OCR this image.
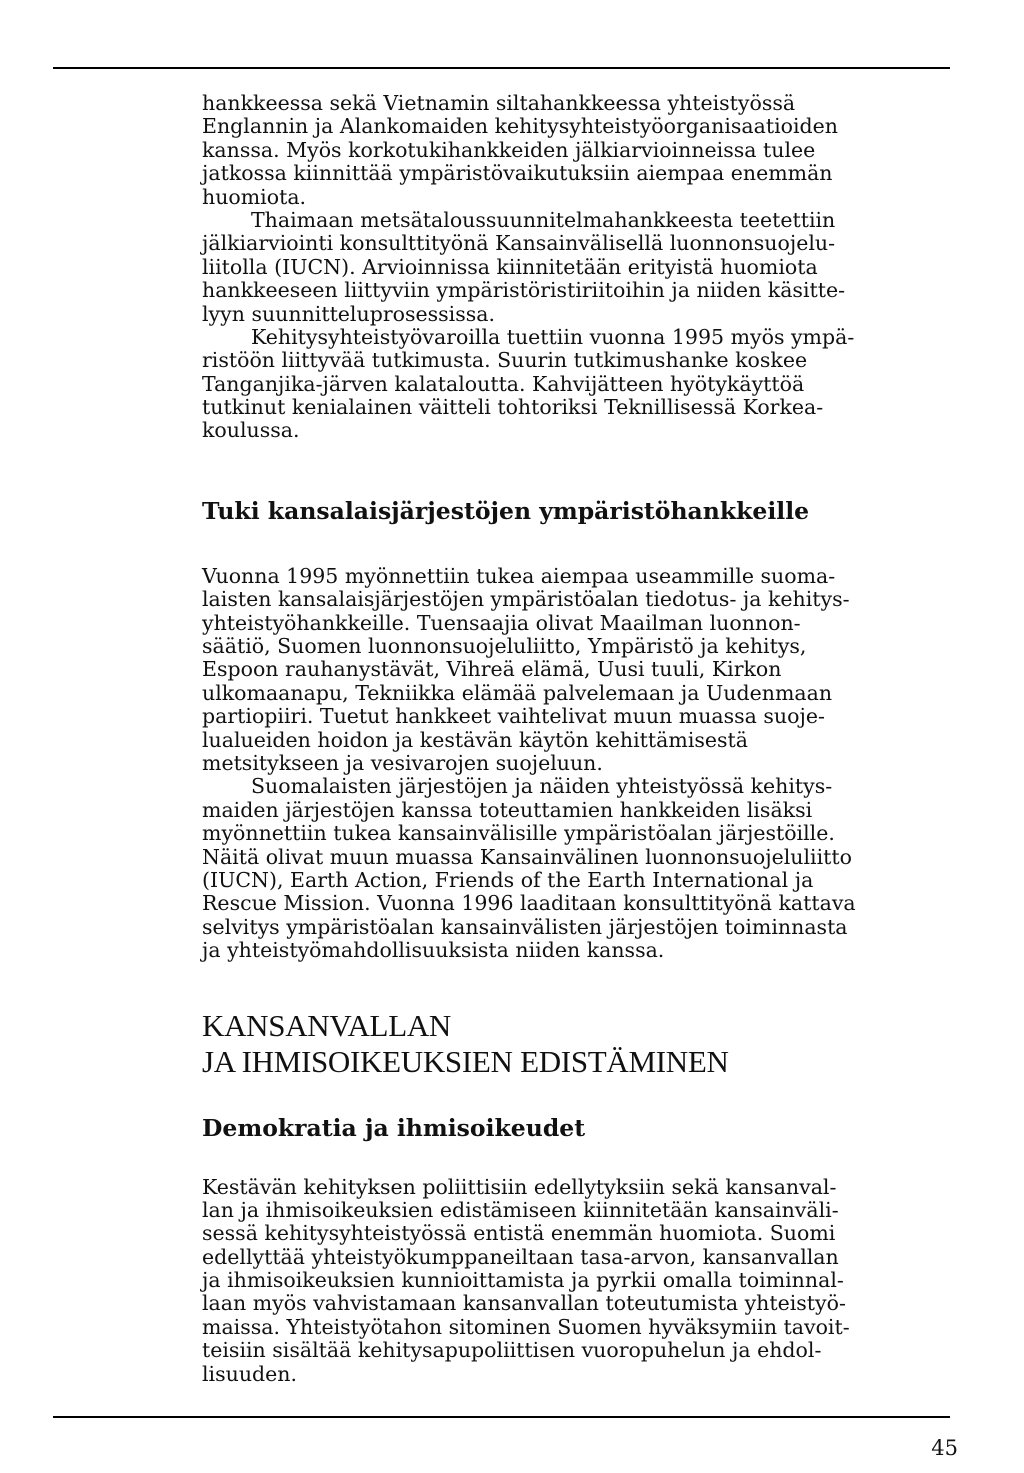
hankkeessa sekä Vietnamin siltahankkeessa yhteistyössä
Englannin ja Alankomaiden kehitysyhteistyöorganisaatioiden
kanssa. Myös korkotukihankkeiden jälkiarvioinneissa tulee
jatkossa kiinnittää ympäristövaikutuksiin aiempaa enemmän
huomiota.
Thaimaan metsätaloussuunnitelmahankkeesta teetettiin
jälkiarviointi konsulttityönä Kansainvälisellä luonnonsuojelu-
liitolla (IUCN). Arvioinnissa kiinnitetään erityistä huomiota
hankkeeseen liittyviin ympäristöristiriitoihin ja niiden käsitte-
lyyn suunnitteluprosessissa.
Kehitysyhteistyövaroilla tuettiin vuonna 1995 myös ympä-
ristöön liittyvää tutkimusta. Suurin tutkimushanke koskee
Tanganjika-järven kalataloutta. Kahvijätteen hyötykäyttöä
tutkinut kenialainen väitteli tohtoriksi Teknillisessä Korkea-
koulussa.
Tuki kansalaisjärjestöjen ympäristöhankkeille
Vuonna 1995 myönnettiin tukea aiempaa useammille suoma-
laisten kansalaisjärjestöjen ympäristöalan tiedotus- ja kehitys-
yhteistyöhankkeille. Tuensaajia olivat Maailman luonnon-
säätiö, Suomen luonnonsuojeluliitto, Ympäristö ja kehitys,
Espoon rauhanystävät, Vihreä elämä, Uusi tuuli, Kirkon
ulkomaanapu, Tekniikka elämää palvelemaan ja Uudenmaan
partiopiiri. Tuetut hankkeet vaihtelivat muun muassa suoje-
lualueiden hoidon ja kestävän käytön kehittämisestä
metsitykseen ja vesivarojen suojeluun.
Suomalaisten järjestöjen ja näiden yhteistyössä kehitys-
maiden järjestöjen kanssa toteuttamien hankkeiden lisäksi
myönnettiin tukea kansainvälisille ympäristöalan järjestöille.
Näitä olivat muun muassa Kansainvälinen luonnonsuojeluliitto
(IUCN), Earth Action, Friends of the Earth International ja
Rescue Mission. Vuonna 1996 laaditaan konsulttityönä kattava
selvitys ympäristöalan kansainvälisten järjestöjen toiminnasta
ja yhteistyömahdollisuuksista niiden kanssa.
KANSANVALLAN
JA IHMISOIKEUKSIEN EDISTÄMINEN
Demokratia ja ihmisoikeudet
Kestävän kehityksen poliittisiin edellytyksiin sekä kansanval-
lan ja ihmisoikeuksien edistämiseen kiinnitetään kansainväli-
sessä kehitysyhteistyössä entistä enemmän huomiota. Suomi
edellyttää yhteistyökumppaneiltaan tasa-arvon, kansanvallan
ja ihmisoikeuksien kunnioittamista ja pyrkii omalla toiminnal-
laan myös vahvistamaan kansanvallan toteutumista yhteistyö-
maissa. Yhteistyötahon sitominen Suomen hyväksymiin tavoit-
teisiin sisältää kehitysapupoliittisen vuoropuhelun ja ehdol-
lisuuden.
45
